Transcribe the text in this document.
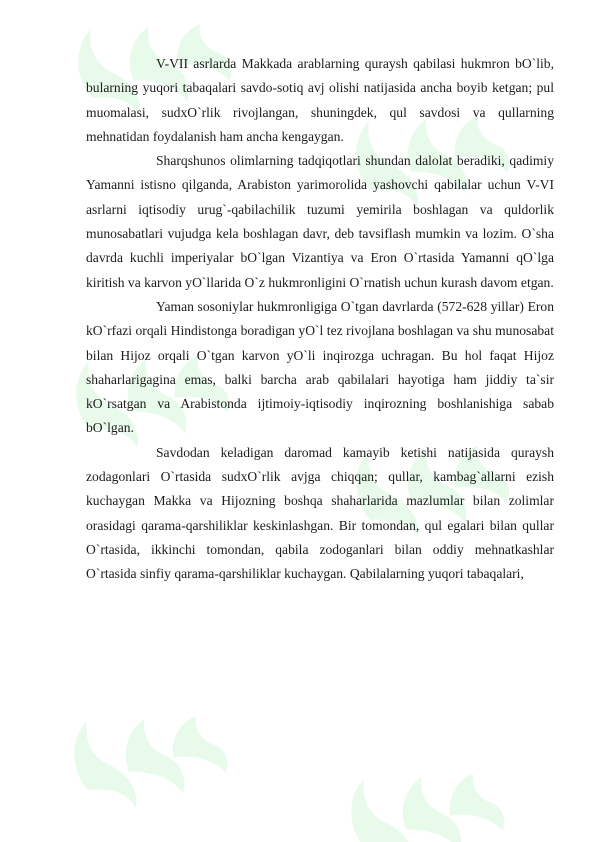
V-VII asrlarda Makkada arablarning quraysh qabilasi hukmron bO`lib, bularning yuqori tabaqalari savdo-sotiq avj olishi natijasida ancha boyib ketgan; pul muomalasi, sudxO`rlik rivojlangan, shuningdek, qul savdosi va qullarning mehnatidan foydalanish ham ancha kengaygan.

Sharqshunos olimlarning tadqiqotlari shundan dalolat beradiki, qadimiy Yamanni istisno qilganda, Arabiston yarimorolida yashovchi qabilalar uchun V-VI asrlarni iqtisodiy urug`-qabilachilik tuzumi yemirila boshlagan va quldorlik munosabatlari vujudga kela boshlagan davr, deb tavsiflash mumkin va lozim. O`sha davrda kuchli imperiyalar bO`lgan Vizantiya va Eron O`rtasida Yamanni qO`lga kiritish va karvon yO`llarida O`z hukmronligini O`rnatish uchun kurash davom etgan.

Yaman sosoniylar hukmronligiga O`tgan davrlarda (572-628 yillar) Eron kO`rfazi orqali Hindistonga boradigan yO`l tez rivojlana boshlagan va shu munosabat bilan Hijoz orqali O`tgan karvon yO`li inqirozga uchragan. Bu hol faqat Hijoz shaharlarigagina emas, balki barcha arab qabilalari hayotiga ham jiddiy ta`sir kO`rsatgan va Arabistonda ijtimoiy-iqtisodiy inqirozning boshlanishiga sabab bO`lgan.

Savdodan keladigan daromad kamayib ketishi natijasida quraysh zodagonlari O`rtasida sudxO`rlik avjga chiqqan; qullar, kambag`allarni ezish kuchaygan Makka va Hijozning boshqa shaharlarida mazlumlar bilan zolimlar orasidagi qarama-qarshiliklar keskinlashgan. Bir tomondan, qul egalari bilan qullar O`rtasida, ikkinchi tomondan, qabila zodoganlari bilan oddiy mehnatkashlar O`rtasida sinfiy qarama-qarshiliklar kuchaygan. Qabilalarning yuqori tabaqalari,
